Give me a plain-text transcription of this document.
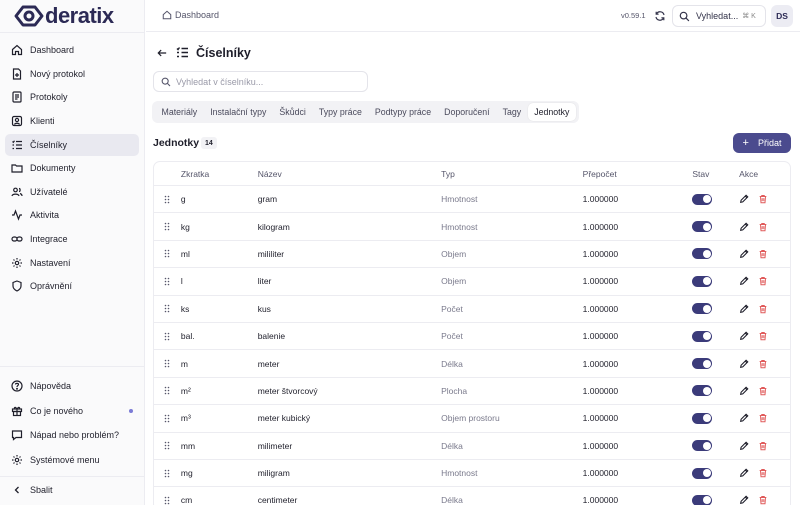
deratix
Dashboard
Nový protokol
Protokoly
Klienti
Číselníky
Dokumenty
Užívatelé
Aktivita
Integrace
Nastavení
Oprávnění
Nápověda
Co je nového
Nápad nebo problém?
Systémové menu
Sbalit
Dashboard	v0.59.1	Vyhledat... ⌘ K	DS
Číselníky
Vyhledat v číselníku...
Materiály	Instalační typy	Škůdci	Typy práce	Podtypy práce	Doporučení	Tagy	Jednotky
Jednotky 14	+ Přidat
Zkratka	Název	Typ	Přepočet	Stav	Akce
g	gram	Hmotnost	1.000000
kg	kilogram	Hmotnost	1.000000
ml	mililiter	Objem	1.000000
l	liter	Objem	1.000000
ks	kus	Počet	1.000000
bal.	balenie	Počet	1.000000
m	meter	Délka	1.000000
m²	meter štvorcový	Plocha	1.000000
m³	meter kubický	Objem prostoru	1.000000
mm	milimeter	Délka	1.000000
mg	miligram	Hmotnost	1.000000
cm	centimeter	Délka	1.000000
